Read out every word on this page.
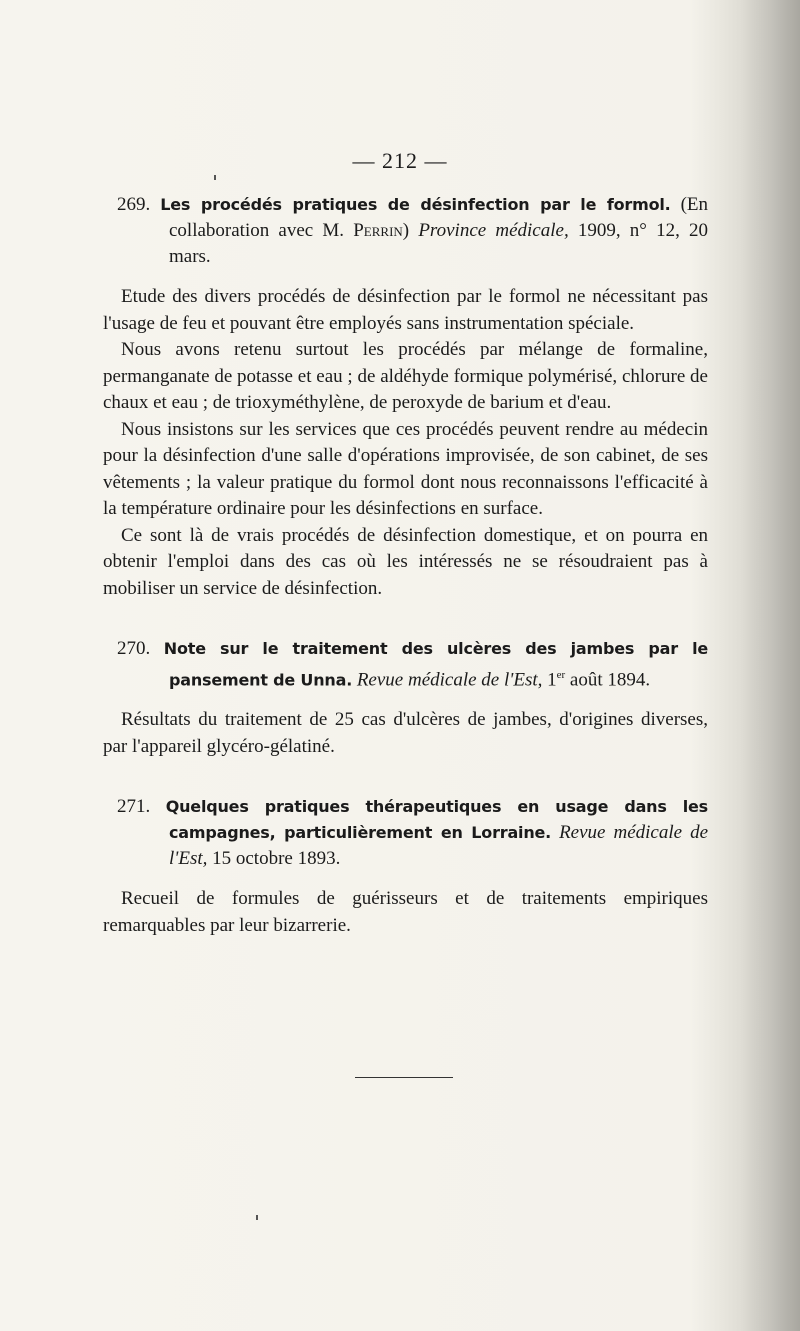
— 212 —
269. Les procédés pratiques de désinfection par le formol. (En collaboration avec M. Perrin) Province médicale, 1909, n° 12, 20 mars.

Etude des divers procédés de désinfection par le formol ne nécessitant pas l'usage de feu et pouvant être employés sans instrumentation spéciale.

Nous avons retenu surtout les procédés par mélange de formaline, permanganate de potasse et eau ; de aldéhyde formique polymérisé, chlorure de chaux et eau ; de trioxyméthylène, de peroxyde de barium et d'eau.

Nous insistons sur les services que ces procédés peuvent rendre au médecin pour la désinfection d'une salle d'opérations improvisée, de son cabinet, de ses vêtements ; la valeur pratique du formol dont nous reconnaissons l'efficacité à la température ordinaire pour les désinfections en surface.

Ce sont là de vrais procédés de désinfection domestique, et on pourra en obtenir l'emploi dans des cas où les intéressés ne se résoudraient pas à mobiliser un service de désinfection.

270. Note sur le traitement des ulcères des jambes par le pansement de Unna. Revue médicale de l'Est, 1er août 1894.

Résultats du traitement de 25 cas d'ulcères de jambes, d'origines diverses, par l'appareil glycéro-gélatiné.

271. Quelques pratiques thérapeutiques en usage dans les campagnes, particulièrement en Lorraine. Revue médicale de l'Est, 15 octobre 1893.

Recueil de formules de guérisseurs et de traitements empiriques remarquables par leur bizarrerie.
